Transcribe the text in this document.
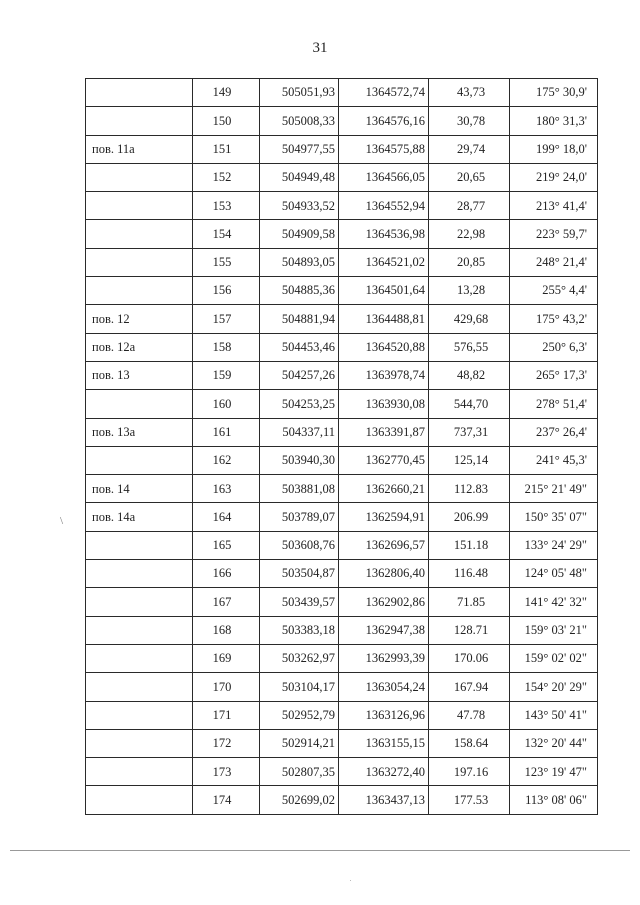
31
\
	149	505051,93	1364572,74	43,73	175° 30,9'
	150	505008,33	1364576,16	30,78	180° 31,3'
пов. 11а	151	504977,55	1364575,88	29,74	199° 18,0'
	152	504949,48	1364566,05	20,65	219° 24,0'
	153	504933,52	1364552,94	28,77	213° 41,4'
	154	504909,58	1364536,98	22,98	223° 59,7'
	155	504893,05	1364521,02	20,85	248° 21,4'
	156	504885,36	1364501,64	13,28	255° 4,4'
пов. 12	157	504881,94	1364488,81	429,68	175° 43,2'
пов. 12а	158	504453,46	1364520,88	576,55	250° 6,3'
пов. 13	159	504257,26	1363978,74	48,82	265° 17,3'
	160	504253,25	1363930,08	544,70	278° 51,4'
пов. 13а	161	504337,11	1363391,87	737,31	237° 26,4'
	162	503940,30	1362770,45	125,14	241° 45,3'
пов. 14	163	503881,08	1362660,21	112.83	215° 21' 49"
пов. 14а	164	503789,07	1362594,91	206.99	150° 35' 07"
	165	503608,76	1362696,57	151.18	133° 24' 29"
	166	503504,87	1362806,40	116.48	124° 05' 48"
	167	503439,57	1362902,86	71.85	141° 42' 32"
	168	503383,18	1362947,38	128.71	159° 03' 21"
	169	503262,97	1362993,39	170.06	159° 02' 02"
	170	503104,17	1363054,24	167.94	154° 20' 29"
	171	502952,79	1363126,96	47.78	143° 50' 41"
	172	502914,21	1363155,15	158.64	132° 20' 44"
	173	502807,35	1363272,40	197.16	123° 19' 47"
	174	502699,02	1363437,13	177.53	113° 08' 06"
